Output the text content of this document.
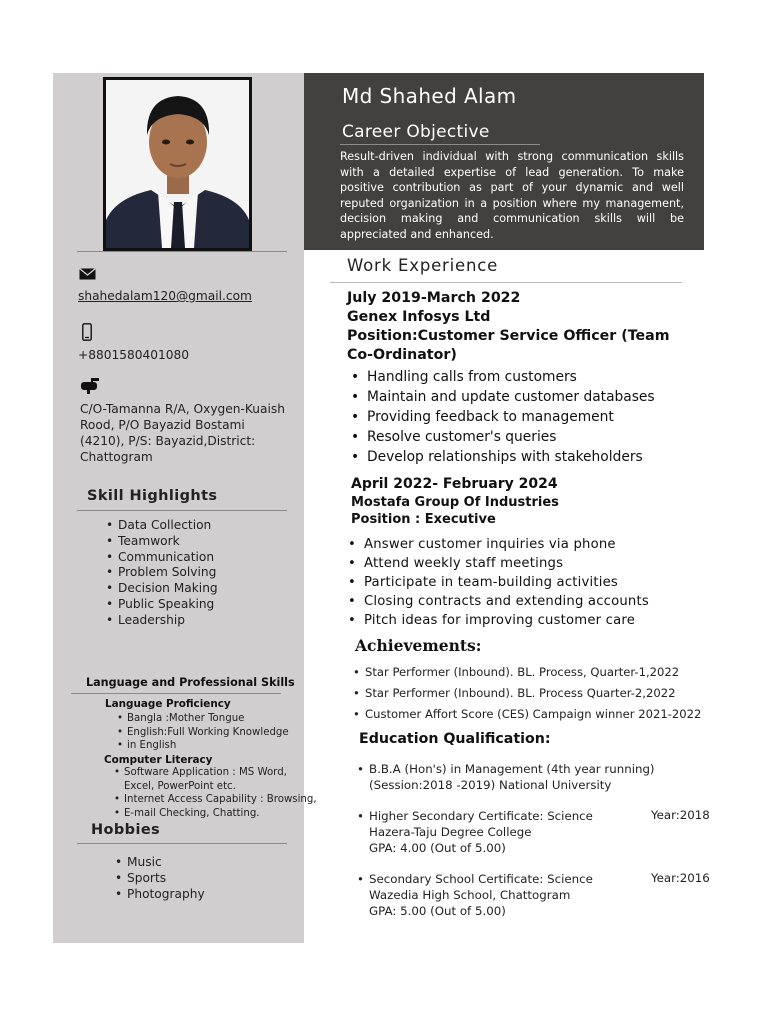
Md Shahed Alam
Career Objective
Result-driven individual with strong communication skills with a detailed expertise of lead generation. To make positive contribution as part of your dynamic and well reputed organization in a position where my management, decision making and communication skills will be appreciated and enhanced.
shahedalam120@gmail.com
+8801580401080
C/O-Tamanna R/A, Oxygen-Kuaish
Rood, P/O Bayazid Bostami
(4210), P/S: Bayazid,District:
Chattogram
Skill Highlights
• Data Collection
• Teamwork
• Communication
• Problem Solving
• Decision Making
• Public Speaking
• Leadership
Language and Professional Skills
Language Proficiency
• Bangla :Mother Tongue
• English:Full Working Knowledge
• in English
Computer Literacy
• Software Application : MS Word,
Excel, PowerPoint etc.
• Internet Access Capability : Browsing,
• E-mail Checking, Chatting.
Hobbies
• Music
• Sports
• Photography
Work Experience
July 2019-March 2022
Genex Infosys Ltd
Position:Customer Service Officer (Team
Co-Ordinator)
• Handling calls from customers
• Maintain and update customer databases
• Providing feedback to management
• Resolve customer's queries
• Develop relationships with stakeholders
April 2022- February 2024
Mostafa Group Of Industries
Position : Executive
• Answer customer inquiries via phone
• Attend weekly staff meetings
• Participate in team-building activities
• Closing contracts and extending accounts
• Pitch ideas for improving customer care
Achievements:
• Star Performer (Inbound). BL. Process, Quarter-1,2022
• Star Performer (Inbound). BL. Process Quarter-2,2022
• Customer Affort Score (CES) Campaign winner 2021-2022
Education Qualification:
• B.B.A (Hon's) in Management (4th year running)
(Session:2018 -2019) National University
• Higher Secondary Certificate: Science
Hazera-Taju Degree College
GPA: 4.00 (Out of 5.00)
Year:2018
• Secondary School Certificate: Science
Wazedia High School, Chattogram
GPA: 5.00 (Out of 5.00)
Year:2016
